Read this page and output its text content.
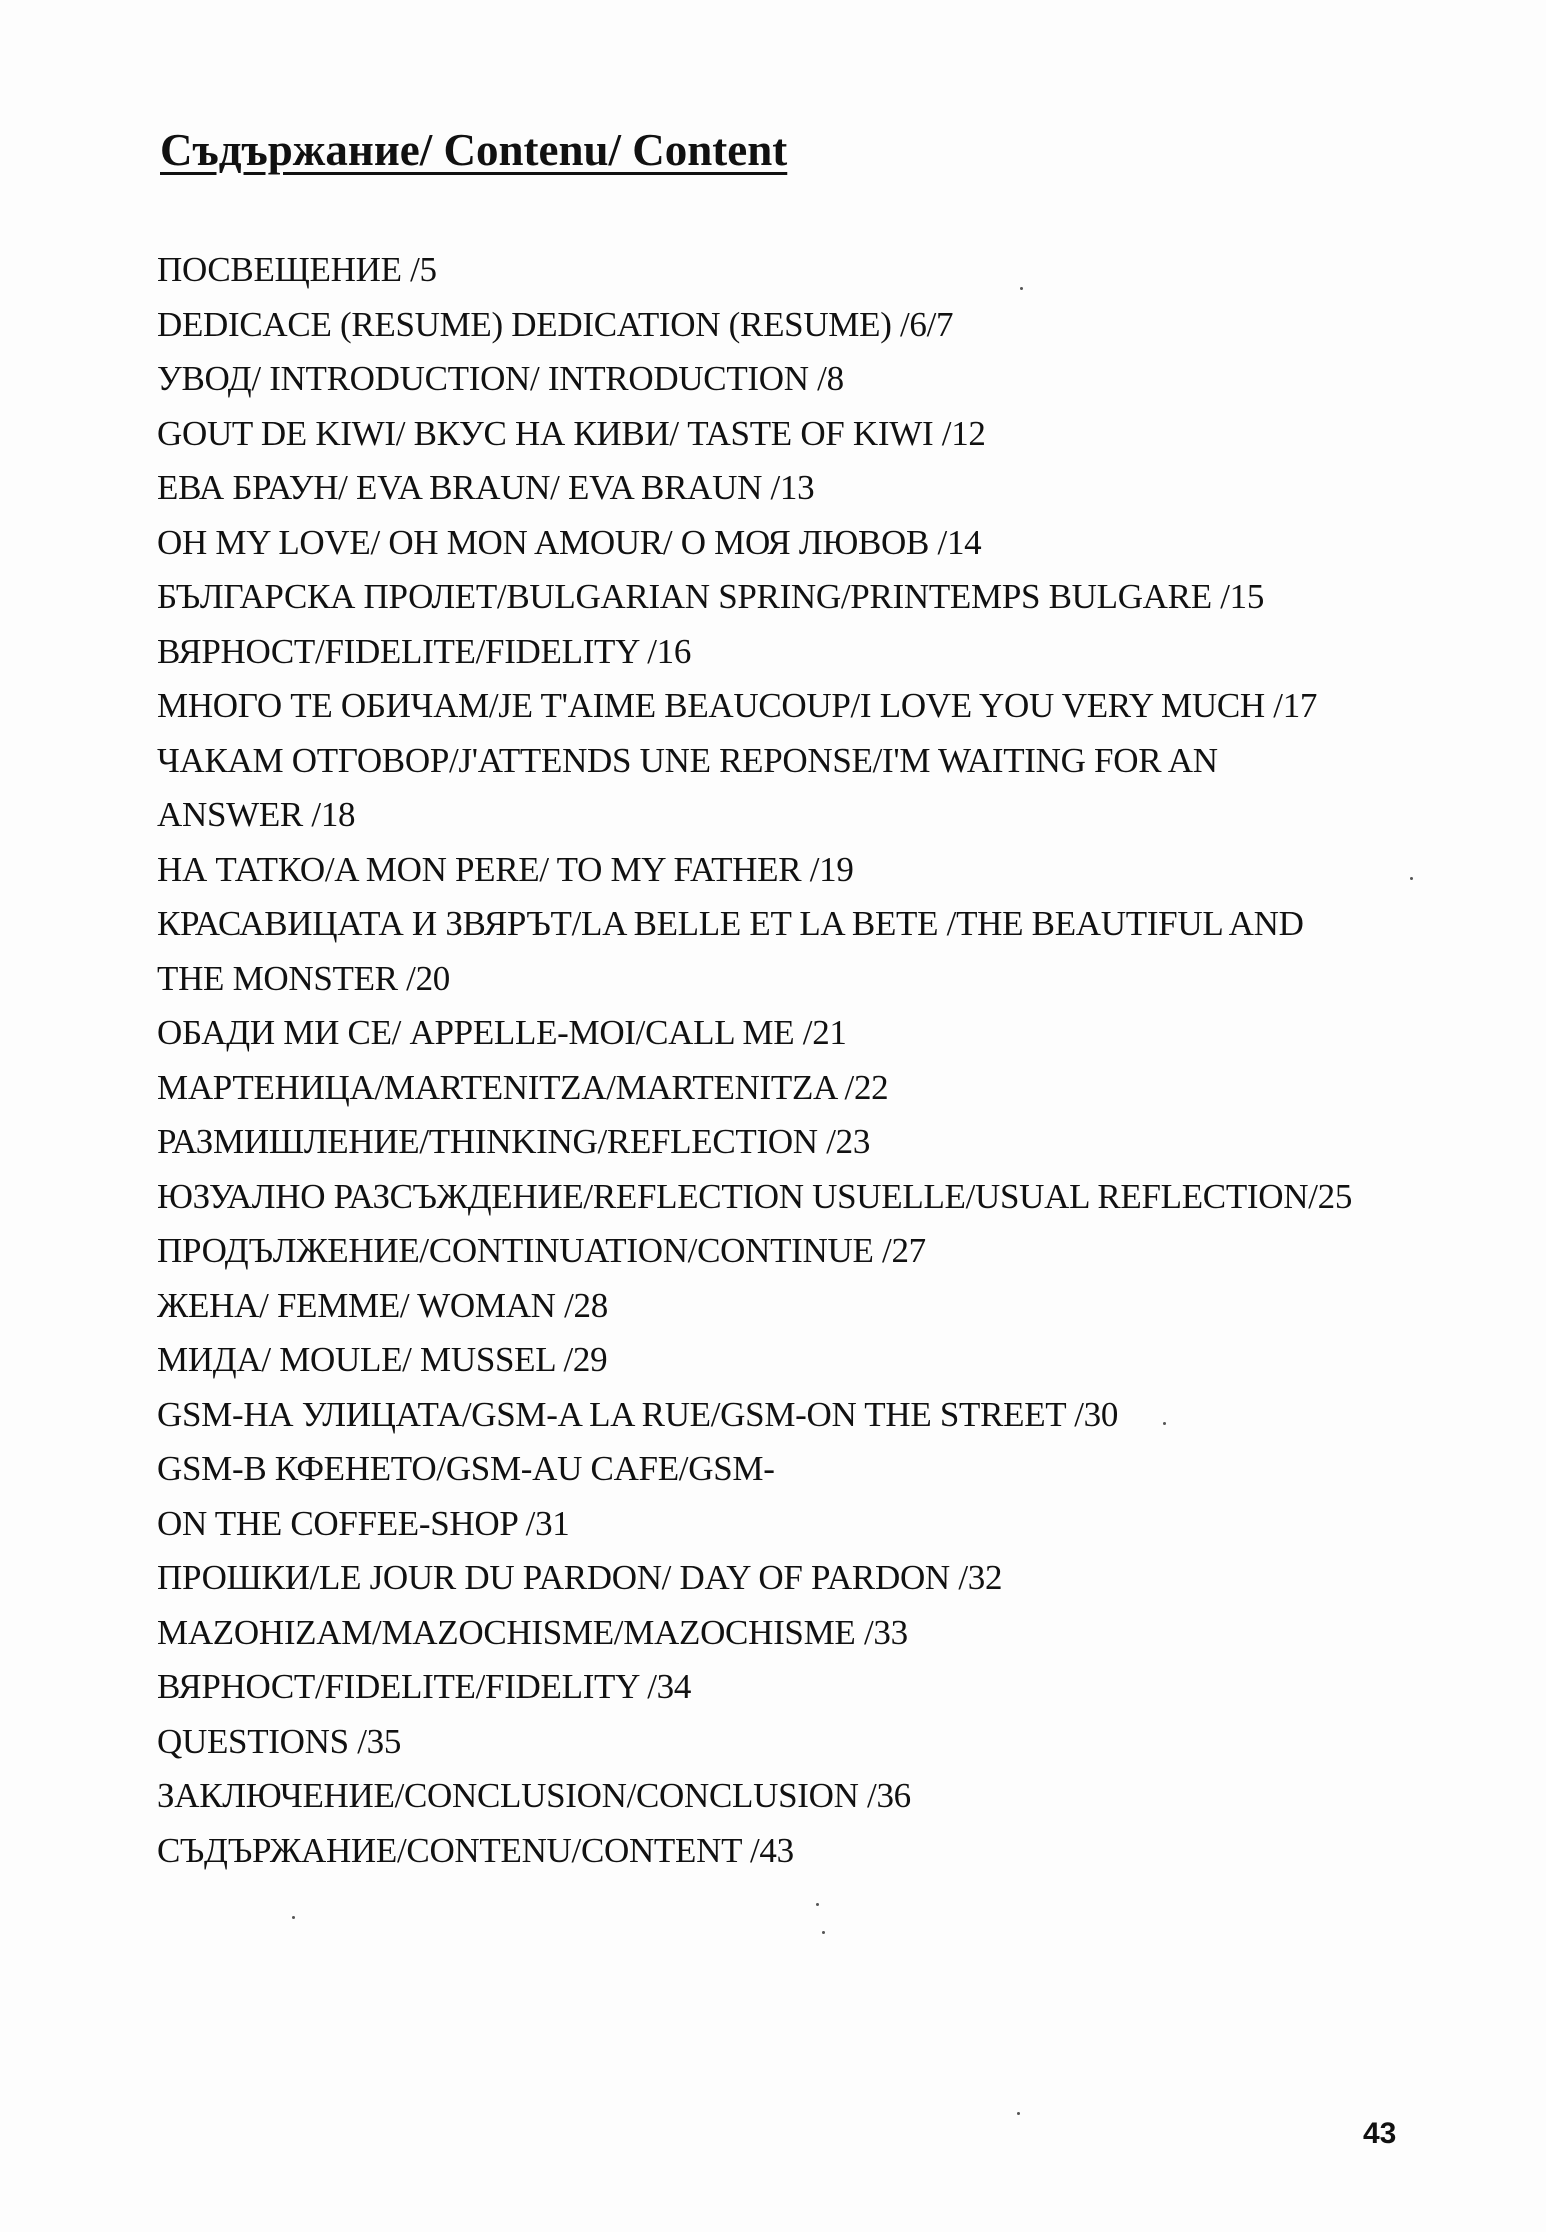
Съдържание/ Contenu/ Content
ПОСВЕЩЕНИЕ /5
DEDICACE (RESUME) DEDICATION (RESUME) /6/7
УВОД/ INTRODUCTION/ INTRODUCTION /8
GOUT DE KIWI/ ВКУС НА КИВИ/ TASTE OF KIWI /12
ЕВА БРАУН/ EVA BRAUN/ EVA BRAUN /13
OH MY LOVE/ OH MON AMOUR/ О МОЯ ЛЮВОВ /14
БЪЛГАРСКА ПРОЛЕТ/BULGARIAN SPRING/PRINTEMPS BULGARE /15
ВЯРНОСТ/FIDELITE/FIDELITY /16
МНОГО ТЕ ОБИЧАМ/JE T'AIME BEAUCOUP/I LOVE YOU VERY MUCH /17
ЧАКАМ ОТГОВОР/J'ATTENDS UNE REPONSE/I'M WAITING FOR AN
ANSWER /18
НА ТАТКО/A MON PERE/ TO MY FATHER /19
КРАСАВИЦАТА И ЗВЯРЪТ/LA BELLE ET LA BETE /THE BEAUTIFUL AND
THE MONSTER /20
ОБАДИ МИ СЕ/ APPELLE-MOI/CALL ME /21
МАРТЕНИЦА/MARTENITZA/MARTENITZA /22
РАЗМИШЛЕНИЕ/THINKING/REFLECTION /23
ЮЗУАЛНО РАЗСЪЖДЕНИЕ/REFLECTION USUELLE/USUAL REFLECTION/25
ПРОДЪЛЖЕНИЕ/CONTINUATION/CONTINUE /27
ЖЕНА/ FEMME/ WOMAN /28
МИДА/ MOULE/ MUSSEL /29
GSM-НА УЛИЦАТА/GSM-A LA RUE/GSM-ON THE STREET /30
GSM-В КФЕНЕТО/GSM-AU CAFE/GSM-
ON THE COFFEE-SHOP /31
ПРОШКИ/LE JOUR DU PARDON/ DAY OF PARDON /32
MAZOHIZAM/MAZOCHISME/MAZOCHISME /33
ВЯРНОСТ/FIDELITE/FIDELITY /34
QUESTIONS /35
ЗАКЛЮЧЕНИЕ/CONCLUSION/CONCLUSION /36
СЪДЪРЖАНИЕ/CONTENU/CONTENT /43
43
